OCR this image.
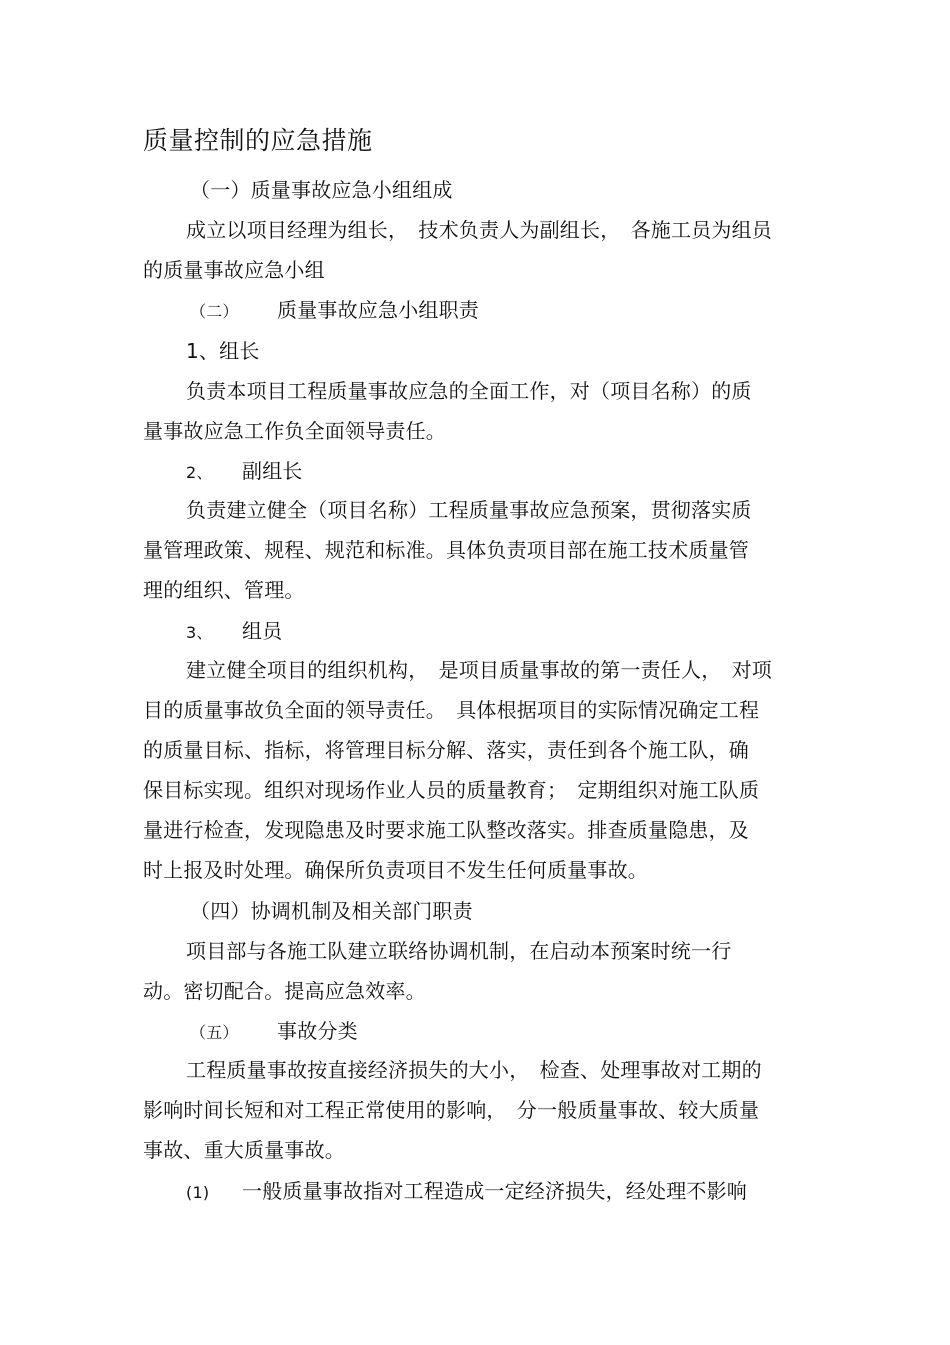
质量控制的应急措施
（一）质量事故应急小组组成
成立以项目经理为组长，　技术负责人为副组长，　各施工员为组员
的质量事故应急小组
（二） 质量事故应急小组职责
1、组长
负责本项目工程质量事故应急的全面工作，对（项目名称）的质
量事故应急工作负全面领导责任。
2、 副组长
负责建立健全（项目名称）工程质量事故应急预案，贯彻落实质
量管理政策、规程、规范和标准。具体负责项目部在施工技术质量管
理的组织、管理。
3、 组员
建立健全项目的组织机构，　是项目质量事故的第一责任人，　对项
目的质量事故负全面的领导责任。　具体根据项目的实际情况确定工程
的质量目标、指标，将管理目标分解、落实，责任到各个施工队，确
保目标实现。组织对现场作业人员的质量教育；　定期组织对施工队质
量进行检查，发现隐患及时要求施工队整改落实。排查质量隐患，及
时上报及时处理。确保所负责项目不发生任何质量事故。
（四）协调机制及相关部门职责
项目部与各施工队建立联络协调机制，在启动本预案时统一行
动。密切配合。提高应急效率。
（五） 事故分类
工程质量事故按直接经济损失的大小，　检查、处理事故对工期的
影响时间长短和对工程正常使用的影响，　分一般质量事故、较大质量
事故、重大质量事故。
(1) 一般质量事故指对工程造成一定经济损失，经处理不影响
